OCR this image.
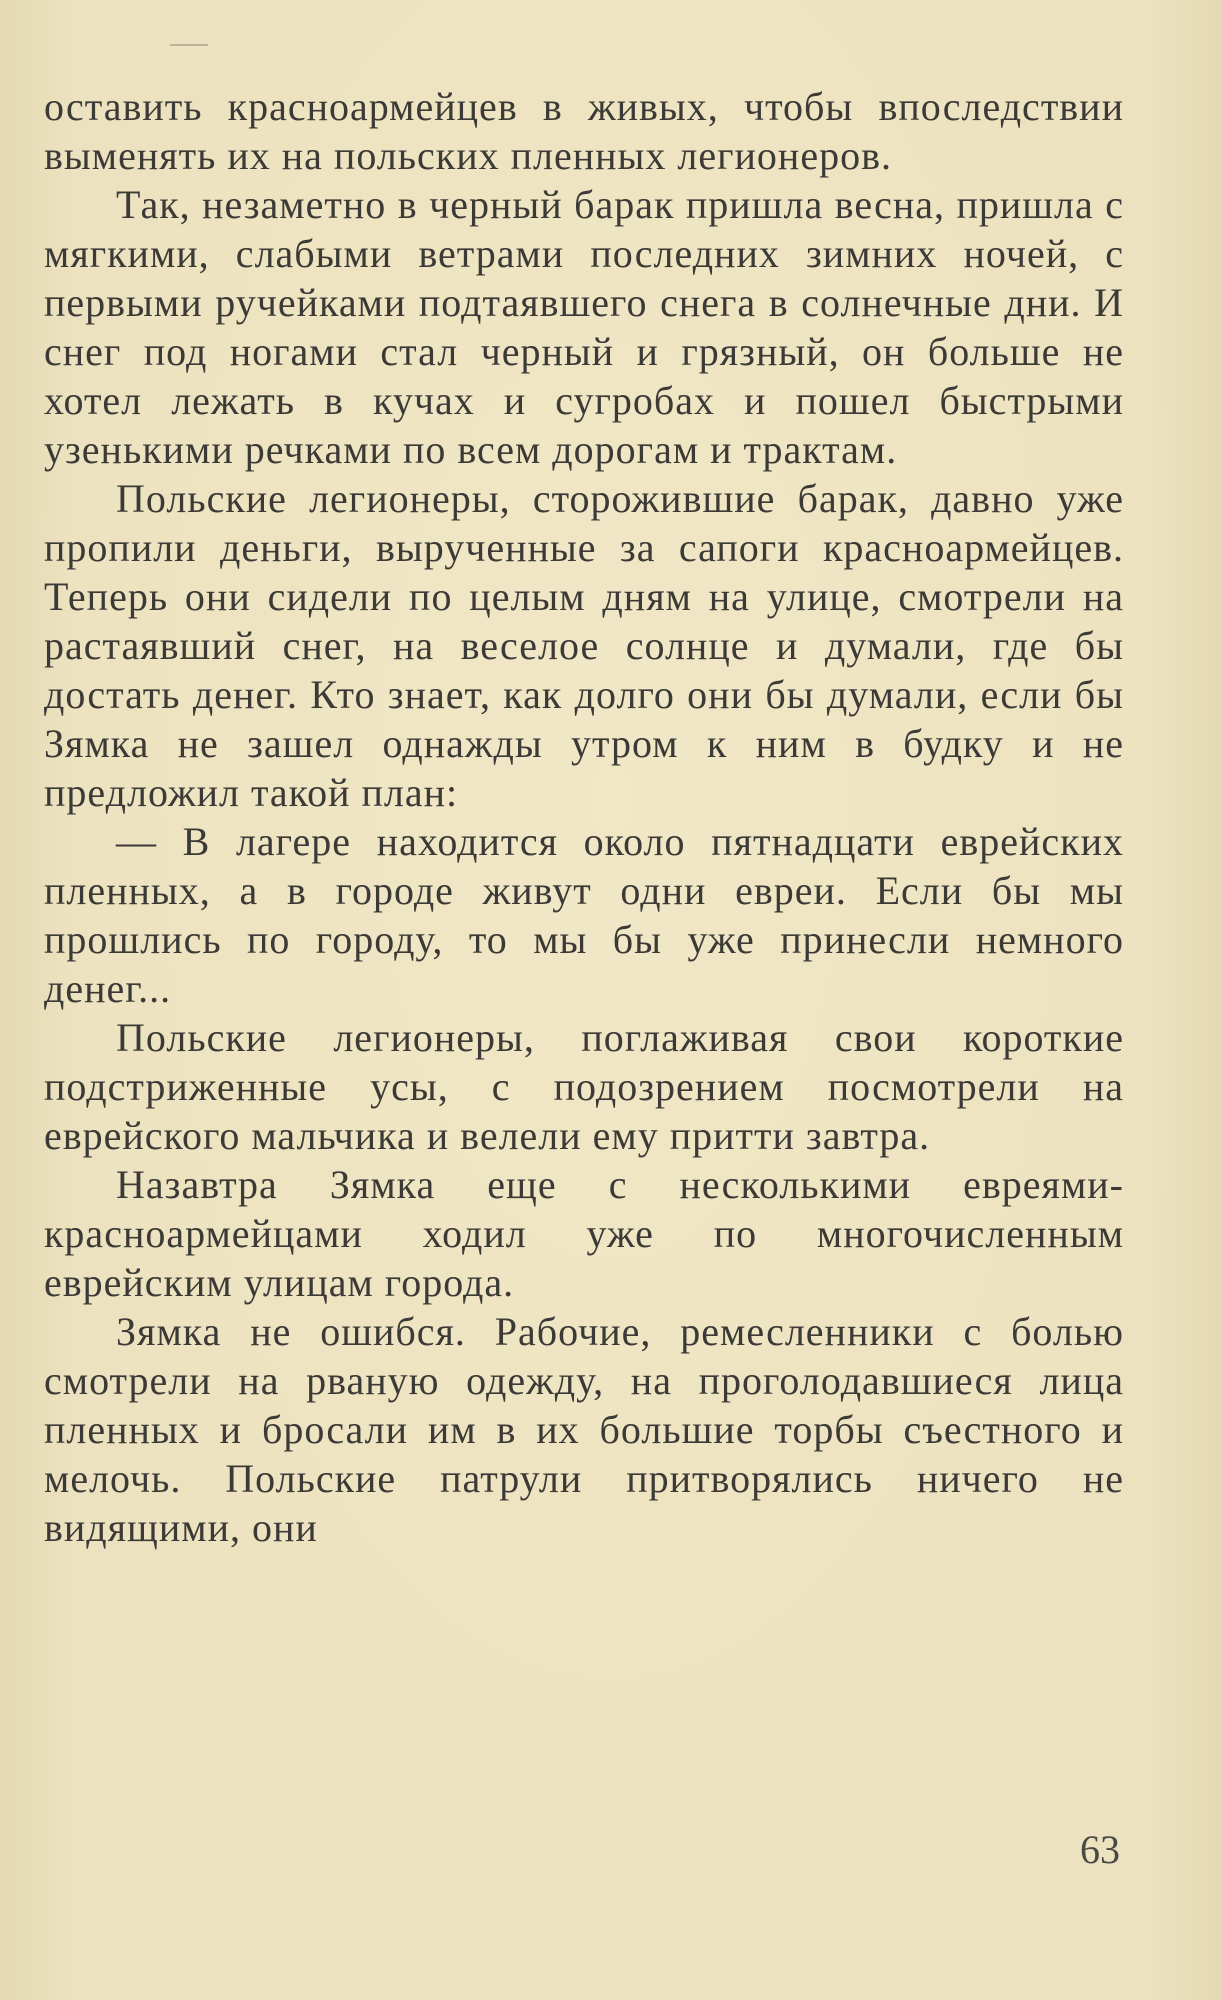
оставить красноармейцев в живых, чтобы впоследствии выменять их на польских пленных легионеров.

Так, незаметно в черный барак пришла весна, пришла с мягкими, слабыми ветрами последних зимних ночей, с первыми ручейками подтаявшего снега в солнечные дни. И снег под ногами стал черный и грязный, он больше не хотел лежать в кучах и сугробах и пошел быстрыми узенькими речками по всем дорогам и трактам.

Польские легионеры, сторожившие барак, давно уже пропили деньги, вырученные за сапоги красноармейцев. Теперь они сидели по целым дням на улице, смотрели на растаявший снег, на веселое солнце и думали, где бы достать денег. Кто знает, как долго они бы думали, если бы Зямка не зашел однажды утром к ним в будку и не предложил такой план:

— В лагере находится около пятнадцати еврейских пленных, а в городе живут одни евреи. Если бы мы прошлись по городу, то мы бы уже принесли немного денег...

Польские легионеры, поглаживая свои короткие подстриженные усы, с подозрением посмотрели на еврейского мальчика и велели ему притти завтра.

Назавтра Зямка еще с несколькими евреями-красноармейцами ходил уже по многочисленным еврейским улицам города.

Зямка не ошибся. Рабочие, ремесленники с болью смотрели на рваную одежду, на проголодавшиеся лица пленных и бросали им в их большие торбы съестного и мелочь. Польские патрули притворялись ничего не видящими, они

63
